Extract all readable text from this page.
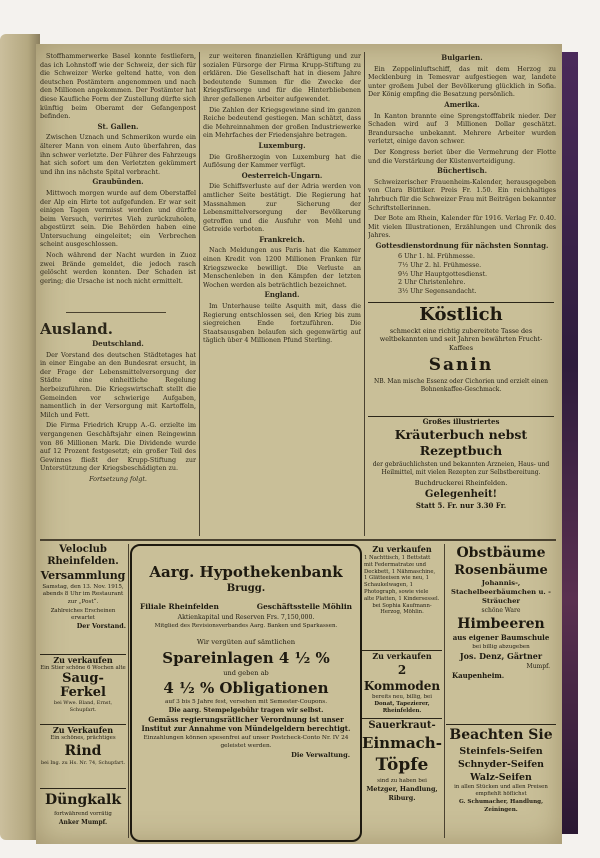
Stoffhammerwerke Basel konnte festliefern, das ich Lohnstoff wie der Schweiz, der sich für die Schweizer Werke geltend hatte, von den deutschen Postämtern angenommen und nach den Millionen angekommen. Der Postämter hat diese Kaufliche Form der Zustellung dürfte sich künftig beim Oberamt der Gefangenpost befinden.

St. Gallen.

Zwischen Uznach und Schmerikon wurde ein älterer Mann von einem Auto überfahren, das ihn schwer verletzte. Der Führer des Fahrzeugs hat sich sofort um den Verletzten gekümmert und ihn ins nächste Spital verbracht.

Graubünden.

Mittwoch morgen wurde auf dem Oberstaffel der Alp ein Hirte tot aufgefunden. Er war seit einigen Tagen vermisst worden und dürfte beim Versuch, verirrtes Vieh zurückzuholen, abgestürzt sein. Die Behörden haben eine Untersuchung eingeleitet; ein Verbrechen scheint ausgeschlossen.

Noch während der Nacht wurden in Zuoz zwei Brände gemeldet, die jedoch rasch gelöscht werden konnten. Der Schaden ist gering; die Ursache ist noch nicht ermittelt.

Ausland.
Deutschland.

Der Vorstand des deutschen Städtetages hat in einer Eingabe an den Bundesrat ersucht, in der Frage der Lebensmittelversorgung der Städte eine einheitliche Regelung herbeizuführen. Die Kriegswirtschaft stellt die Gemeinden vor schwierige Aufgaben, namentlich in der Versorgung mit Kartoffeln, Milch und Fett.

Die Firma Friedrich Krupp A.-G. erzielte im vergangenen Geschäftsjahr einen Reingewinn von 86 Millionen Mark. Die Dividende wurde auf 12 Prozent festgesetzt; ein großer Teil des Gewinnes fließt der Krupp-Stiftung zur Unterstützung der Kriegsbeschädigten zu.

Fortsetzung folgt.

zur weiteren finanziellen Kräftigung und zur sozialen Fürsorge der Firma Krupp-Stiftung zu erklären. Die Gesellschaft hat in diesem Jahre bedeutende Summen für die Zwecke der Kriegsfürsorge und für die Hinterbliebenen ihrer gefallenen Arbeiter aufgewendet.

Die Zahlen der Kriegsgewinne sind im ganzen Reiche bedeutend gestiegen. Man schätzt, dass die Mehreinnahmen der großen Industriewerke ein Mehrfaches der Friedensjahre betragen.

Luxemburg.

Die Großherzogin von Luxemburg hat die Auflösung der Kammer verfügt.

Oesterreich-Ungarn.

Die Schiffsverluste auf der Adria werden von amtlicher Seite bestätigt. Die Regierung hat Massnahmen zur Sicherung der Lebensmittelversorgung der Bevölkerung getroffen und die Ausfuhr von Mehl und Getreide verboten.

Frankreich.

Nach Meldungen aus Paris hat die Kammer einen Kredit von 1200 Millionen Franken für Kriegszwecke bewilligt. Die Verluste an Menschenleben in den Kämpfen der letzten Wochen werden als beträchtlich bezeichnet.

England.

Im Unterhause teilte Asquith mit, dass die Regierung entschlossen sei, den Krieg bis zum siegreichen Ende fortzuführen. Die Staatsausgaben belaufen sich gegenwärtig auf täglich über 4 Millionen Pfund Sterling.

Bulgarien.

Ein Zeppelinluftschiff, das mit dem Herzog zu Mecklenburg in Temesvar aufgestiegen war, landete unter großem Jubel der Bevölkerung glücklich in Sofia. Der König empfing die Besatzung persönlich.

Amerika.

In Kanton brannte eine Sprengstofffabrik nieder. Der Schaden wird auf 3 Millionen Dollar geschätzt. Brandursache unbekannt. Mehrere Arbeiter wurden verletzt, einige davon schwer.

Der Kongress beriet über die Vermehrung der Flotte und die Verstärkung der Küstenverteidigung.

Büchertisch.

Schweizerischer Frauenheim-Kalender, herausgegeben von Clara Büttiker. Preis Fr. 1.50. Ein reichhaltiges Jahrbuch für die Schweizer Frau mit Beiträgen bekannter Schriftstellerinnen.

Der Bote am Rhein, Kalender für 1916. Verlag Fr. 0.40. Mit vielen Illustrationen, Erzählungen und Chronik des Jahres.

Gottesdienstordnung für nächsten Sonntag.
6 Uhr 1. hl. Frühmesse.
7½ Uhr 2. hl. Frühmesse.
9½ Uhr Hauptgottesdienst.
2 Uhr Christenlehre.
3½ Uhr Segensandacht.
Köstlich
schmeckt eine richtig zubereitete Tasse des weltbekannten und seit Jahren bewährten Frucht-Kaffees
Sanin
NB. Man mische Essenz oder Cichorien und erzielt einen Bohnenkaffee-Geschmack.
Großes illustriertes
Kräuterbuch nebst Rezeptbuch
der gebräuchlichsten und bekannten Arzneien, Haus- und Heilmittel, mit vielen Rezepten zur Selbstbereitung.
Buchdruckerei Rheinfelden.
Gelegenheit!
Statt 5. Fr. nur 3.30 Fr.
Veloclub Rheinfelden.
Versammlung
Samstag, den 13. Nov. 1915, abends 8 Uhr im Restaurant zur „Post“.
Zahlreiches Erscheinen erwartet
Der Vorstand.
Zu verkaufen
Ein Stier schöne 6 Wochen alte
Saug-
Ferkel
bei Wwe. Bland, Ernst, Schupfart.
Zu Verkaufen
Ein schönes, prächtiges
Rind
bei Ing. zu Hs. Nr. 74, Schupfart.
Düngkalk
fortwährend vorrätig
Anker Mumpf.
Aarg. Hypothekenbank
Brugg.
Filiale Rheinfelden	Geschäftsstelle Möhlin
Aktienkapital und Reserven Frs. 7,150,000.
Mitglied des Revisionsverbandes Aarg. Banken und Sparkassen.
Wir vergüten auf sämtlichen
Spareinlagen 4 ½ %
und geben ab
4 ½ % Obligationen
auf 3 bis 5 Jahre fest, versehen mit Semester-Coupons.
Die aarg. Stempelgebühr tragen wir selbst.
Gemäss regierungsrätlicher Verordnung ist unser Institut zur Annahme von Mündelgeldern berechtigt.
Einzahlungen können spesenfrei auf unser Postcheck-Conto Nr. IV 24 geleistet werden.
Die Verwaltung.
Zu verkaufen
1 Nachttisch, 1 Bettstatt mit Federmatratze und Deckbett, 1 Nähmaschine, 1 Glätteeisen wie neu, 1 Schaukelwagen, 1 Photograph, sowie viele alte Platten, 1 Kindersessel.
bei Sophia Kaufmann-Herzog, Möhlin.
Zu verkaufen
2 Kommoden
bereits neu, billig, bei
Donat, Tapezierer, Rheinfelden.
Sauerkraut-
Einmach-
Töpfe
sind zu haben bei
Metzger, Handlung, Riburg.
Obstbäume
Rosenbäume
Johannis-, Stachelbeerbäumchen u. -Sträucher
schöne Ware
Himbeeren
aus eigener Baumschule
bei billig abzugeben
Jos. Denz, Gärtner
Mumpf.
Kaupenheim.
Beachten Sie
Steinfels-Seifen
Schnyder-Seifen
Walz-Seifen
in allen Stücken und allen Preisen empfiehlt höflichst
G. Schumacher, Handlung, Zeiningen.
